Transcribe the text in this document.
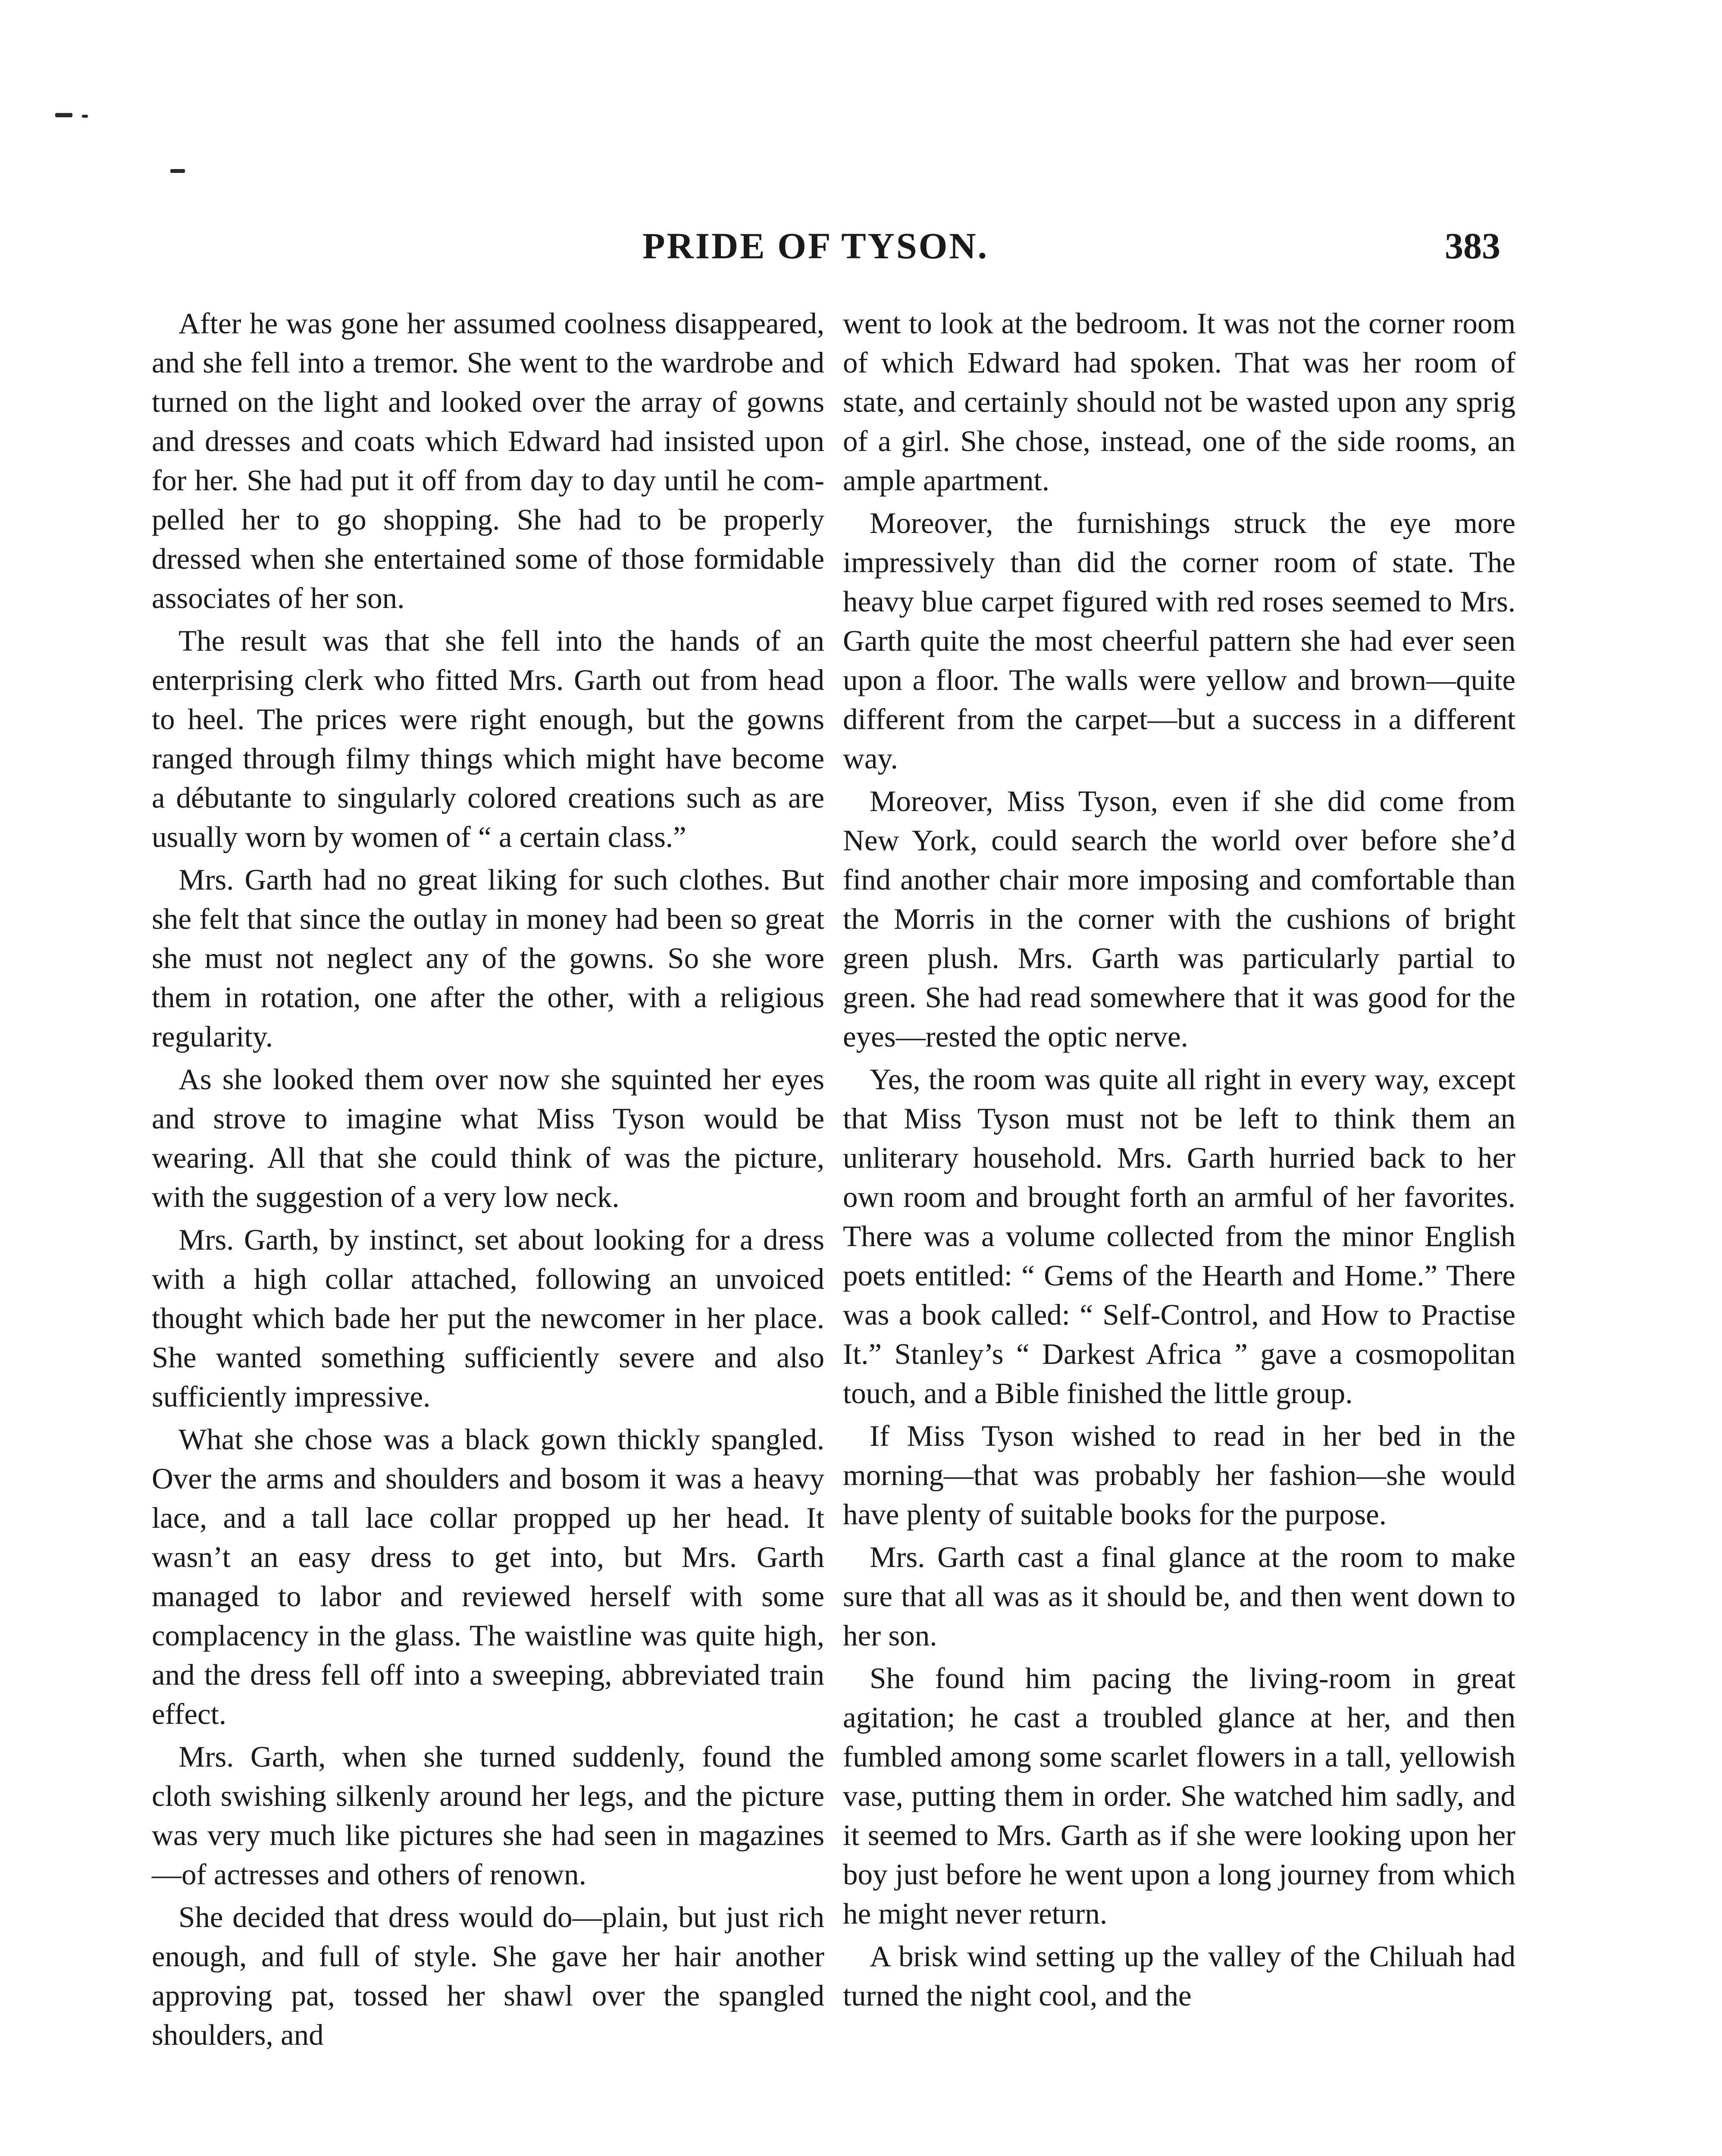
PRIDE OF TYSON.	383

After he was gone her assumed coolness disappeared, and she fell into a tremor. She went to the wardrobe and turned on the light and looked over the array of gowns and dresses and coats which Edward had insisted upon for her. She had put it off from day to day until he compelled her to go shopping. She had to be properly dressed when she entertained some of those formidable associates of her son.

The result was that she fell into the hands of an enterprising clerk who fitted Mrs. Garth out from head to heel. The prices were right enough, but the gowns ranged through filmy things which might have become a débutante to singularly colored creations such as are usually worn by women of “ a certain class.”

Mrs. Garth had no great liking for such clothes. But she felt that since the outlay in money had been so great she must not neglect any of the gowns. So she wore them in rotation, one after the other, with a religious regularity.

As she looked them over now she squinted her eyes and strove to imagine what Miss Tyson would be wearing. All that she could think of was the picture, with the suggestion of a very low neck.

Mrs. Garth, by instinct, set about looking for a dress with a high collar attached, following an unvoiced thought which bade her put the newcomer in her place. She wanted something sufficiently severe and also sufficiently impressive.

What she chose was a black gown thickly spangled. Over the arms and shoulders and bosom it was a heavy lace, and a tall lace collar propped up her head. It wasn’t an easy dress to get into, but Mrs. Garth managed to labor and reviewed herself with some complacency in the glass. The waistline was quite high, and the dress fell off into a sweeping, abbreviated train effect.

Mrs. Garth, when she turned suddenly, found the cloth swishing silkenly around her legs, and the picture was very much like pictures she had seen in magazines—of actresses and others of renown.

She decided that dress would do—plain, but just rich enough, and full of style. She gave her hair another approving pat, tossed her shawl over the spangled shoulders, and

went to look at the bedroom. It was not the corner room of which Edward had spoken. That was her room of state, and certainly should not be wasted upon any sprig of a girl. She chose, instead, one of the side rooms, an ample apartment.

Moreover, the furnishings struck the eye more impressively than did the corner room of state. The heavy blue carpet figured with red roses seemed to Mrs. Garth quite the most cheerful pattern she had ever seen upon a floor. The walls were yellow and brown—quite different from the carpet—but a success in a different way.

Moreover, Miss Tyson, even if she did come from New York, could search the world over before she’d find another chair more imposing and comfortable than the Morris in the corner with the cushions of bright green plush. Mrs. Garth was particularly partial to green. She had read somewhere that it was good for the eyes—rested the optic nerve.

Yes, the room was quite all right in every way, except that Miss Tyson must not be left to think them an unliterary household. Mrs. Garth hurried back to her own room and brought forth an armful of her favorites. There was a volume collected from the minor English poets entitled: “ Gems of the Hearth and Home.” There was a book called: “ Self-Control, and How to Practise It.” Stanley’s “ Darkest Africa ” gave a cosmopolitan touch, and a Bible finished the little group.

If Miss Tyson wished to read in her bed in the morning—that was probably her fashion—she would have plenty of suitable books for the purpose.

Mrs. Garth cast a final glance at the room to make sure that all was as it should be, and then went down to her son.

She found him pacing the living-room in great agitation; he cast a troubled glance at her, and then fumbled among some scarlet flowers in a tall, yellowish vase, putting them in order. She watched him sadly, and it seemed to Mrs. Garth as if she were looking upon her boy just before he went upon a long journey from which he might never return.

A brisk wind setting up the valley of the Chiluah had turned the night cool, and the
